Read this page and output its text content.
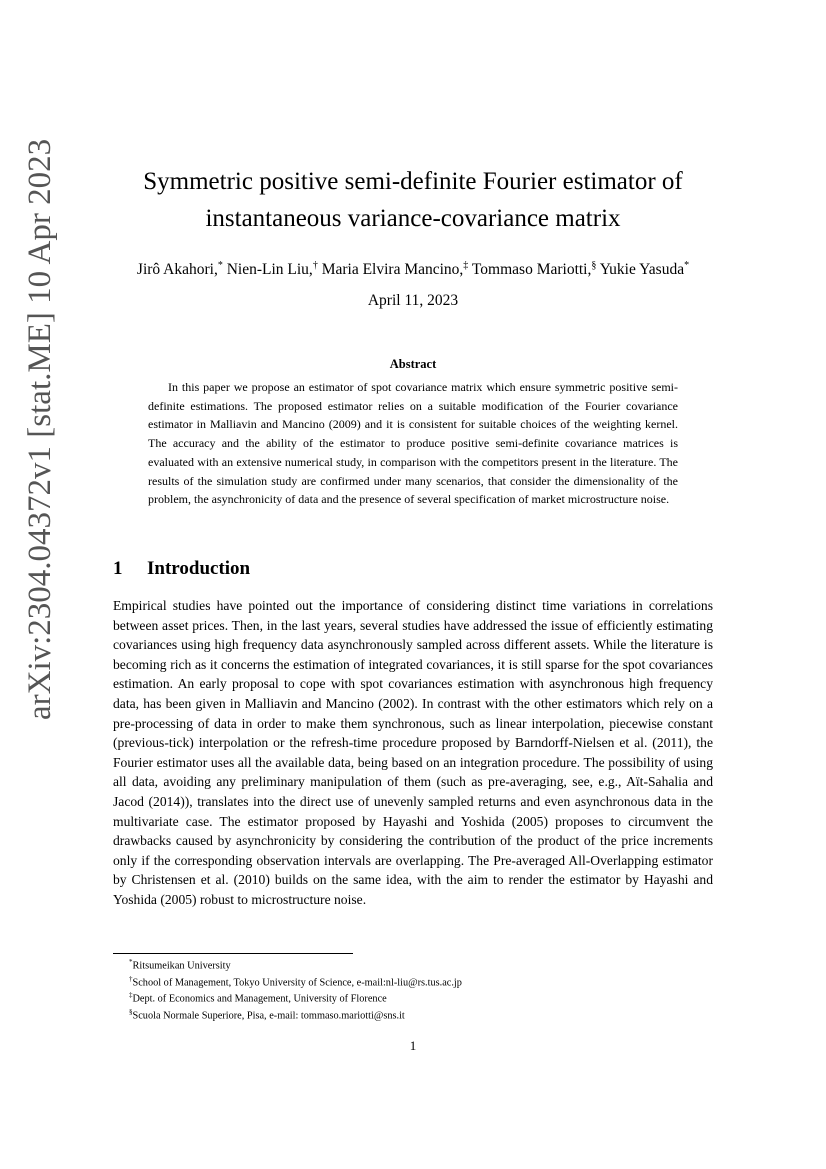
arXiv:2304.04372v1 [stat.ME] 10 Apr 2023	Symmetric positive semi-definite Fourier estimator of
instantaneous variance-covariance matrix
Jirô Akahori,* Nien-Lin Liu,† Maria Elvira Mancino,‡ Tommaso Mariotti,§ Yukie Yasuda*
April 11, 2023
Abstract

In this paper we propose an estimator of spot covariance matrix which ensure symmetric positive semi-definite estimations. The proposed estimator relies on a suitable modification of the Fourier covariance estimator in Malliavin and Mancino (2009) and it is consistent for suitable choices of the weighting kernel. The accuracy and the ability of the estimator to produce positive semi-definite covariance matrices is evaluated with an extensive numerical study, in comparison with the competitors present in the literature. The results of the simulation study are confirmed under many scenarios, that consider the dimensionality of the problem, the asynchronicity of data and the presence of several specification of market microstructure noise.

1 Introduction

Empirical studies have pointed out the importance of considering distinct time variations in correlations between asset prices. Then, in the last years, several studies have addressed the issue of efficiently estimating covariances using high frequency data asynchronously sampled across different assets. While the literature is becoming rich as it concerns the estimation of integrated covariances, it is still sparse for the spot covariances estimation. An early proposal to cope with spot covariances estimation with asynchronous high frequency data, has been given in Malliavin and Mancino (2002). In contrast with the other estimators which rely on a pre-processing of data in order to make them synchronous, such as linear interpolation, piecewise constant (previous-tick) interpolation or the refresh-time procedure proposed by Barndorff-Nielsen et al. (2011), the Fourier estimator uses all the available data, being based on an integration procedure. The possibility of using all data, avoiding any preliminary manipulation of them (such as pre-averaging, see, e.g., Aït-Sahalia and Jacod (2014)), translates into the direct use of unevenly sampled returns and even asynchronous data in the multivariate case. The estimator proposed by Hayashi and Yoshida (2005) proposes to circumvent the drawbacks caused by asynchronicity by considering the contribution of the product of the price increments only if the corresponding observation intervals are overlapping. The Pre-averaged All-Overlapping estimator by Christensen et al. (2010) builds on the same idea, with the aim to render the estimator by Hayashi and Yoshida (2005) robust to microstructure noise.

*Ritsumeikan University
†School of Management, Tokyo University of Science, e-mail:nl-liu@rs.tus.ac.jp
‡Dept. of Economics and Management, University of Florence
§Scuola Normale Superiore, Pisa, e-mail: tommaso.mariotti@sns.it
1
